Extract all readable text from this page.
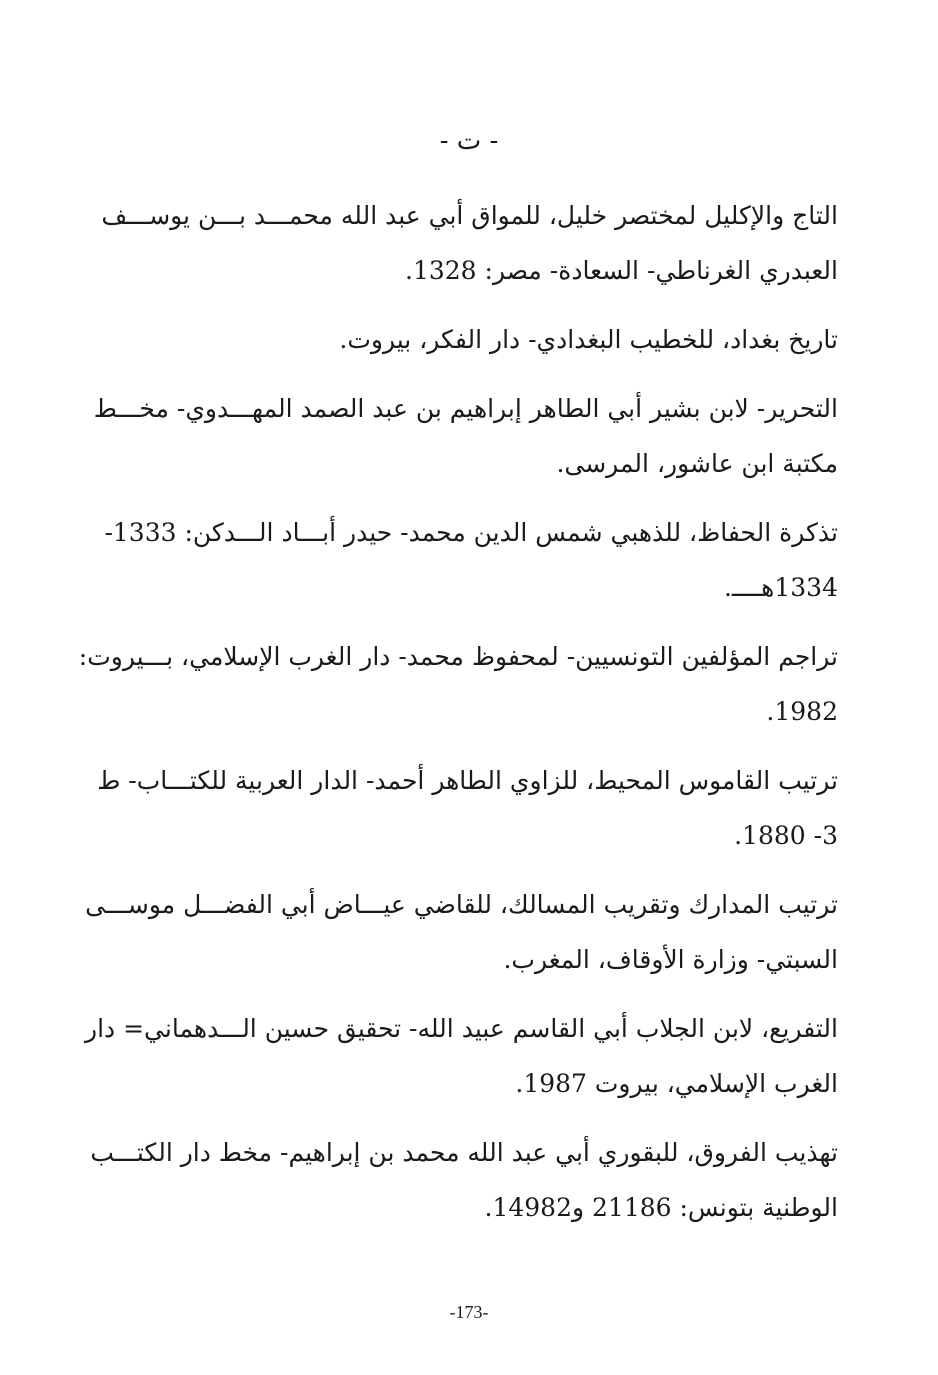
- ت -
التاج والإكليل لمختصر خليل، للمواق أبي عبد الله محمـــد بـــن يوســـف
العبدري الغرناطي- السعادة- مصر: 1328.
تاريخ بغداد، للخطيب البغدادي- دار الفكر، بيروت.
التحرير- لابن بشير أبي الطاهر إبراهيم بن عبد الصمد المهـــدوي- مخـــط
مكتبة ابن عاشور، المرسى.
تذكرة الحفاظ، للذهبي شمس الدين محمد- حيدر أبـــاد الـــدكن: 1333-
1334هــــ.
تراجم المؤلفين التونسيين- لمحفوظ محمد- دار الغرب الإسلامي، بـــيروت:
1982.
ترتيب القاموس المحيط، للزاوي الطاهر أحمد- الدار العربية للكتـــاب- ط
3- 1880.
ترتيب المدارك وتقريب المسالك، للقاضي عيـــاض أبي الفضـــل موســـى
السبتي- وزارة الأوقاف، المغرب.
التفريع، لابن الجلاب أبي القاسم عبيد الله- تحقيق حسين الـــدهماني= دار
الغرب الإسلامي، بيروت 1987.
تهذيب الفروق، للبقوري أبي عبد الله محمد بن إبراهيم- مخط دار الكتـــب
الوطنية بتونس: 21186 و14982.
-173-
